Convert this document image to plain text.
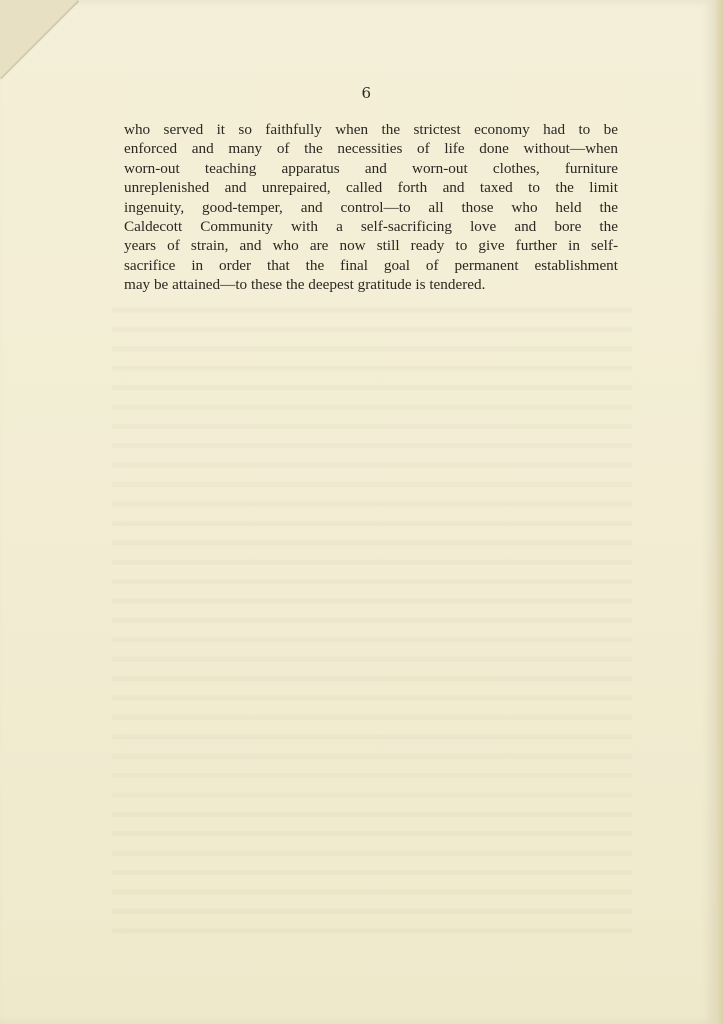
6
who served it so faithfully when the strictest economy had to be
enforced and many of the necessities of life done without—when
worn-out teaching apparatus and worn-out clothes, furniture
unreplenished and unrepaired, called forth and taxed to the limit
ingenuity, good-temper, and control—to all those who held the
Caldecott Community with a self-sacrificing love and bore the
years of strain, and who are now still ready to give further in self-
sacrifice in order that the final goal of permanent establishment
may be attained—to these the deepest gratitude is tendered.
